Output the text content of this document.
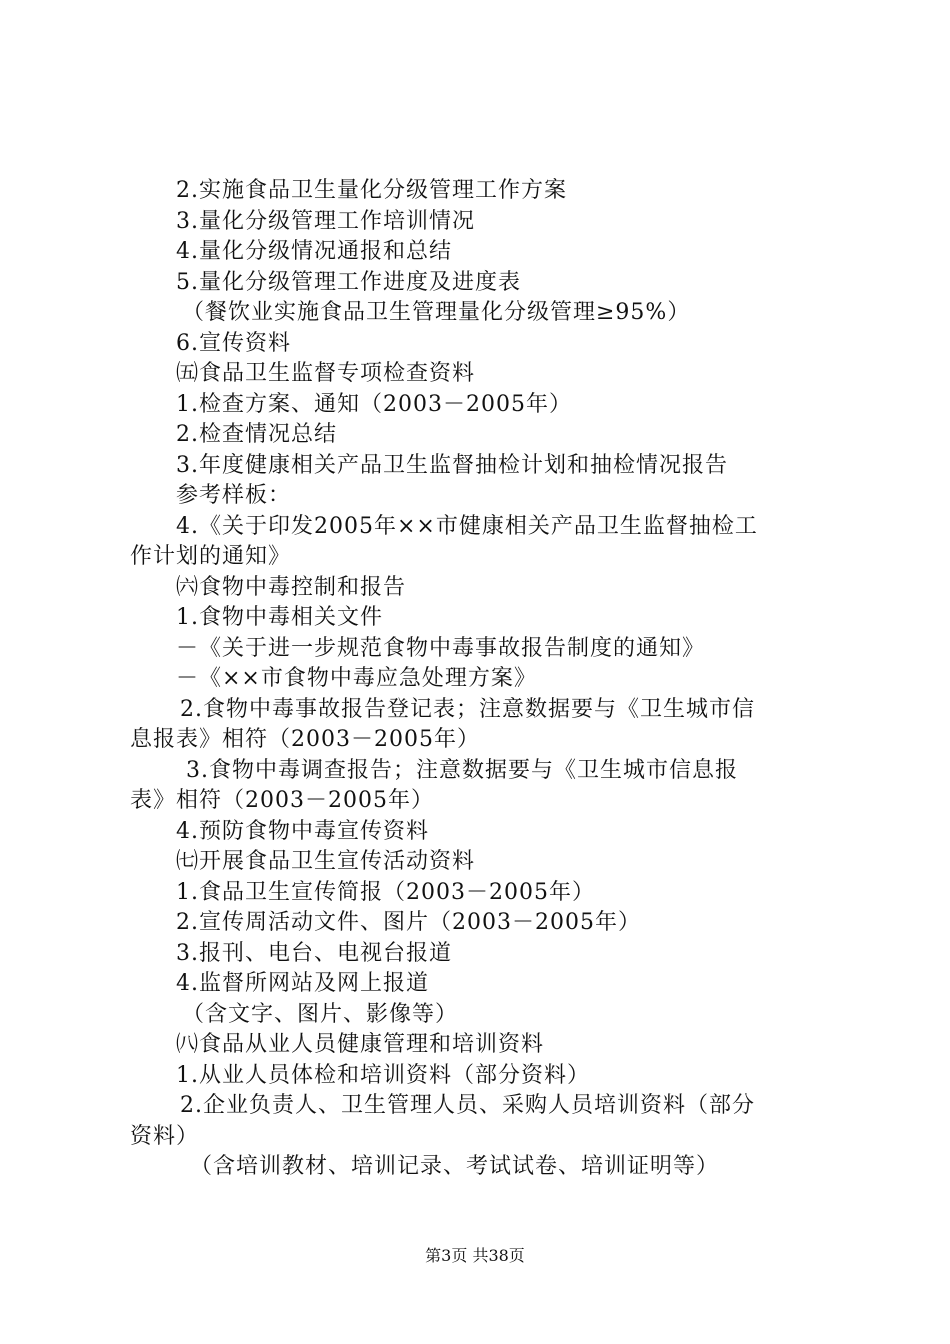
2.实施食品卫生量化分级管理工作方案
3.量化分级管理工作培训情况
4.量化分级情况通报和总结
5.量化分级管理工作进度及进度表
（餐饮业实施食品卫生管理量化分级管理≥95%）
6.宣传资料
㈤食品卫生监督专项检查资料
1.检查方案、通知（2003－2005年）
2.检查情况总结
3.年度健康相关产品卫生监督抽检计划和抽检情况报告
参考样板：
4.《关于印发2005年××市健康相关产品卫生监督抽检工
作计划的通知》
㈥食物中毒控制和报告
1.食物中毒相关文件
－《关于进一步规范食物中毒事故报告制度的通知》
－《××市食物中毒应急处理方案》
2.食物中毒事故报告登记表；注意数据要与《卫生城市信
息报表》相符（2003－2005年）
3.食物中毒调查报告；注意数据要与《卫生城市信息报
表》相符（2003－2005年）
4.预防食物中毒宣传资料
㈦开展食品卫生宣传活动资料
1.食品卫生宣传简报（2003－2005年）
2.宣传周活动文件、图片（2003－2005年）
3.报刊、电台、电视台报道
4.监督所网站及网上报道
（含文字、图片、影像等）
㈧食品从业人员健康管理和培训资料
1.从业人员体检和培训资料（部分资料）
2.企业负责人、卫生管理人员、采购人员培训资料（部分
资料）
（含培训教材、培训记录、考试试卷、培训证明等）
第3页 共38页
